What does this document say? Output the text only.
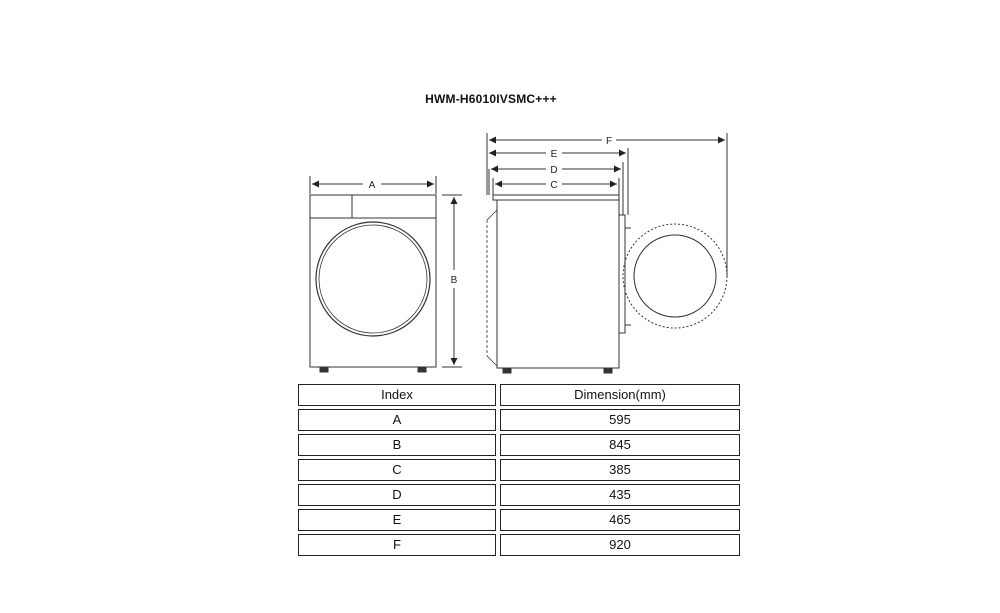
HWM-H6010IVSMC+++
A
B
F
E
D
C
Index		Dimension(mm)

A		595

B		845

C		385

D		435

E		465

F		920
